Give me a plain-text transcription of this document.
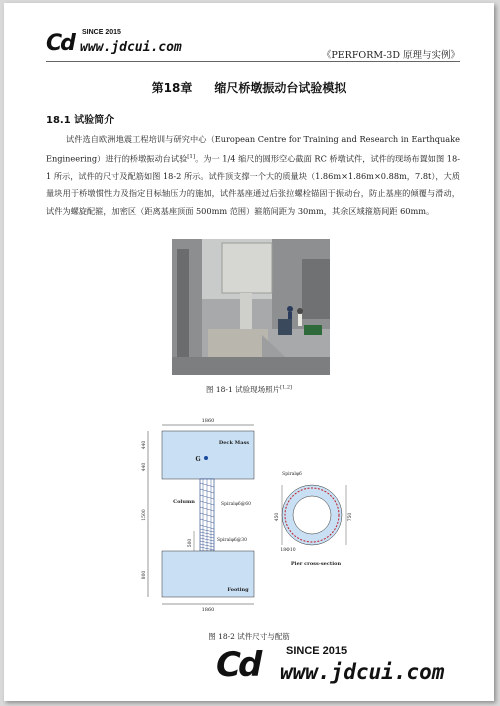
Cd SINCE 2015
www.jdcui.com
《PERFORM-3D 原理与实例》
第18章 缩尺桥墩振动台试验模拟
18.1 试验简介

试件选自欧洲地震工程培训与研究中心（European Centre for Training and Research in Earthquake Engineering）进行的桥墩振动台试验[1]。为一 1/4 缩尺的圆形空心截面 RC 桥墩试件，试件的现场布置如图 18-1 所示，试件的尺寸及配筋如图 18-2 所示。试件顶支撑一个大的质量块（1.86m×1.86m×0.88m，7.8t），大质量块用于桥墩惯性力及指定目标轴压力的施加，试件基座通过后张拉螺栓锚固于振动台，防止基座的倾覆与滑动，试件为螺旋配箍，加密区（距离基座顶面 500mm 范围）箍筋间距为 30mm，其余区域箍筋间距 60mm。

图 18-1 试验现场照片[1,2]
1860
Deck Mass
G
Column	Spiralφ6@60
Spiralφ6@30
Footing
1860
440
440
1500
800
500
Spiralφ6
450	750
18Φ10
Pier cross-section
图 18-2 试件尺寸与配筋
Cd SINCE 2015
www.jdcui.com
